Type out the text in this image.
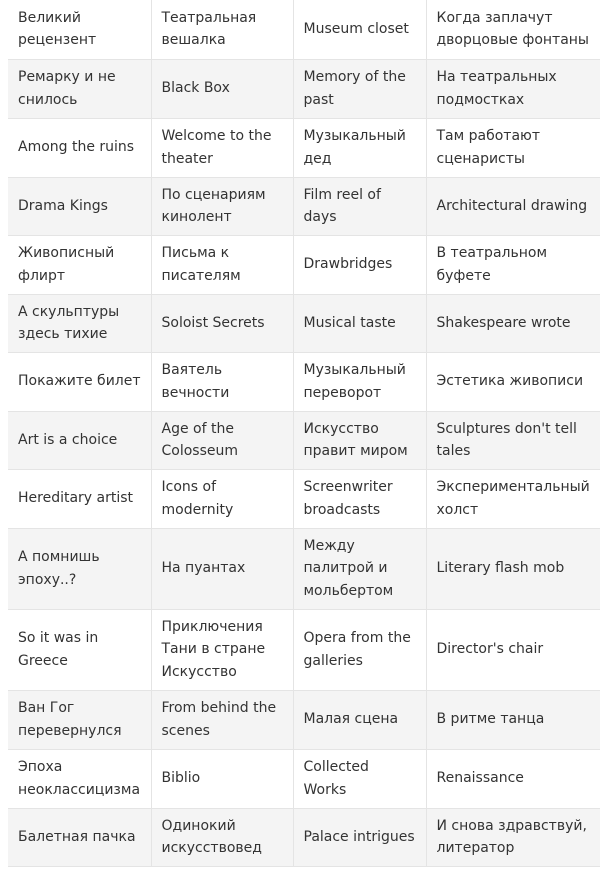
Великий рецензент	Театральная вешалка	Museum closet	Когда заплачут дворцовые фонтаны
Ремарку и не снилось	Black Box	Memory of the past	На театральных подмостках
Among the ruins	Welcome to the theater	Музыкальный дед	Там работают сценаристы
Drama Kings	По сценариям кинолент	Film reel of days	Architectural drawing
Живописный флирт	Письма к писателям	Drawbridges	В театральном буфете
А скульптуры здесь тихие	Soloist Secrets	Musical taste	Shakespeare wrote
Покажите билет	Ваятель вечности	Музыкальный переворот	Эстетика живописи
Art is a choice	Age of the Colosseum	Искусство правит миром	Sculptures don't tell tales
Hereditary artist	Icons of modernity	Screenwriter broadcasts	Экспериментальный холст
А помнишь эпоху..?	На пуантах	Между палитрой и мольбертом	Literary flash mob
So it was in Greece	Приключения Тани в стране Искусство	Opera from the galleries	Director's chair
Ван Гог перевернулся	From behind the scenes	Малая сцена	В ритме танца
Эпоха неоклассицизма	Biblio	Collected Works	Renaissance
Балетная пачка	Одинокий искусствовед	Palace intrigues	И снова здравствуй, литератор
